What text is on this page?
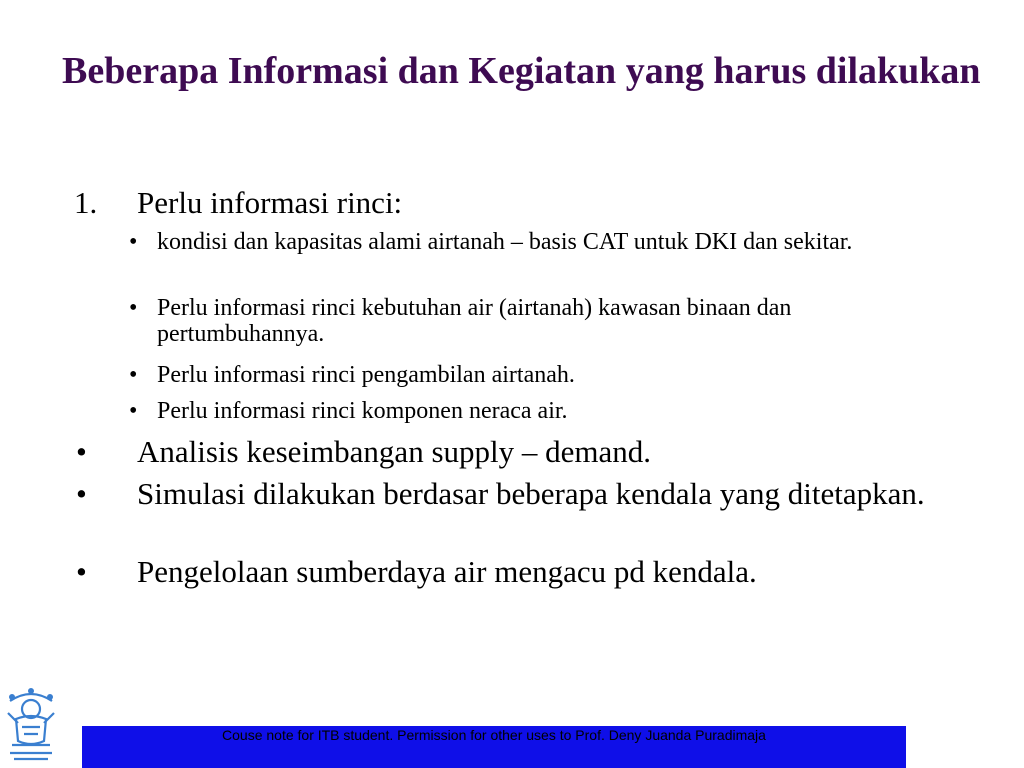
Beberapa Informasi dan Kegiatan yang harus dilakukan
1. Perlu informasi rinci:
• kondisi dan kapasitas alami airtanah – basis CAT untuk DKI dan sekitar.
• Perlu informasi rinci kebutuhan air (airtanah) kawasan binaan dan pertumbuhannya.
• Perlu informasi rinci pengambilan airtanah.
• Perlu informasi rinci komponen neraca air.
• Analisis keseimbangan supply – demand.
• Simulasi dilakukan berdasar beberapa kendala yang ditetapkan.
• Pengelolaan sumberdaya air mengacu pd kendala.
Couse note for ITB student. Permission for other uses to Prof. Deny Juanda Puradimaja
